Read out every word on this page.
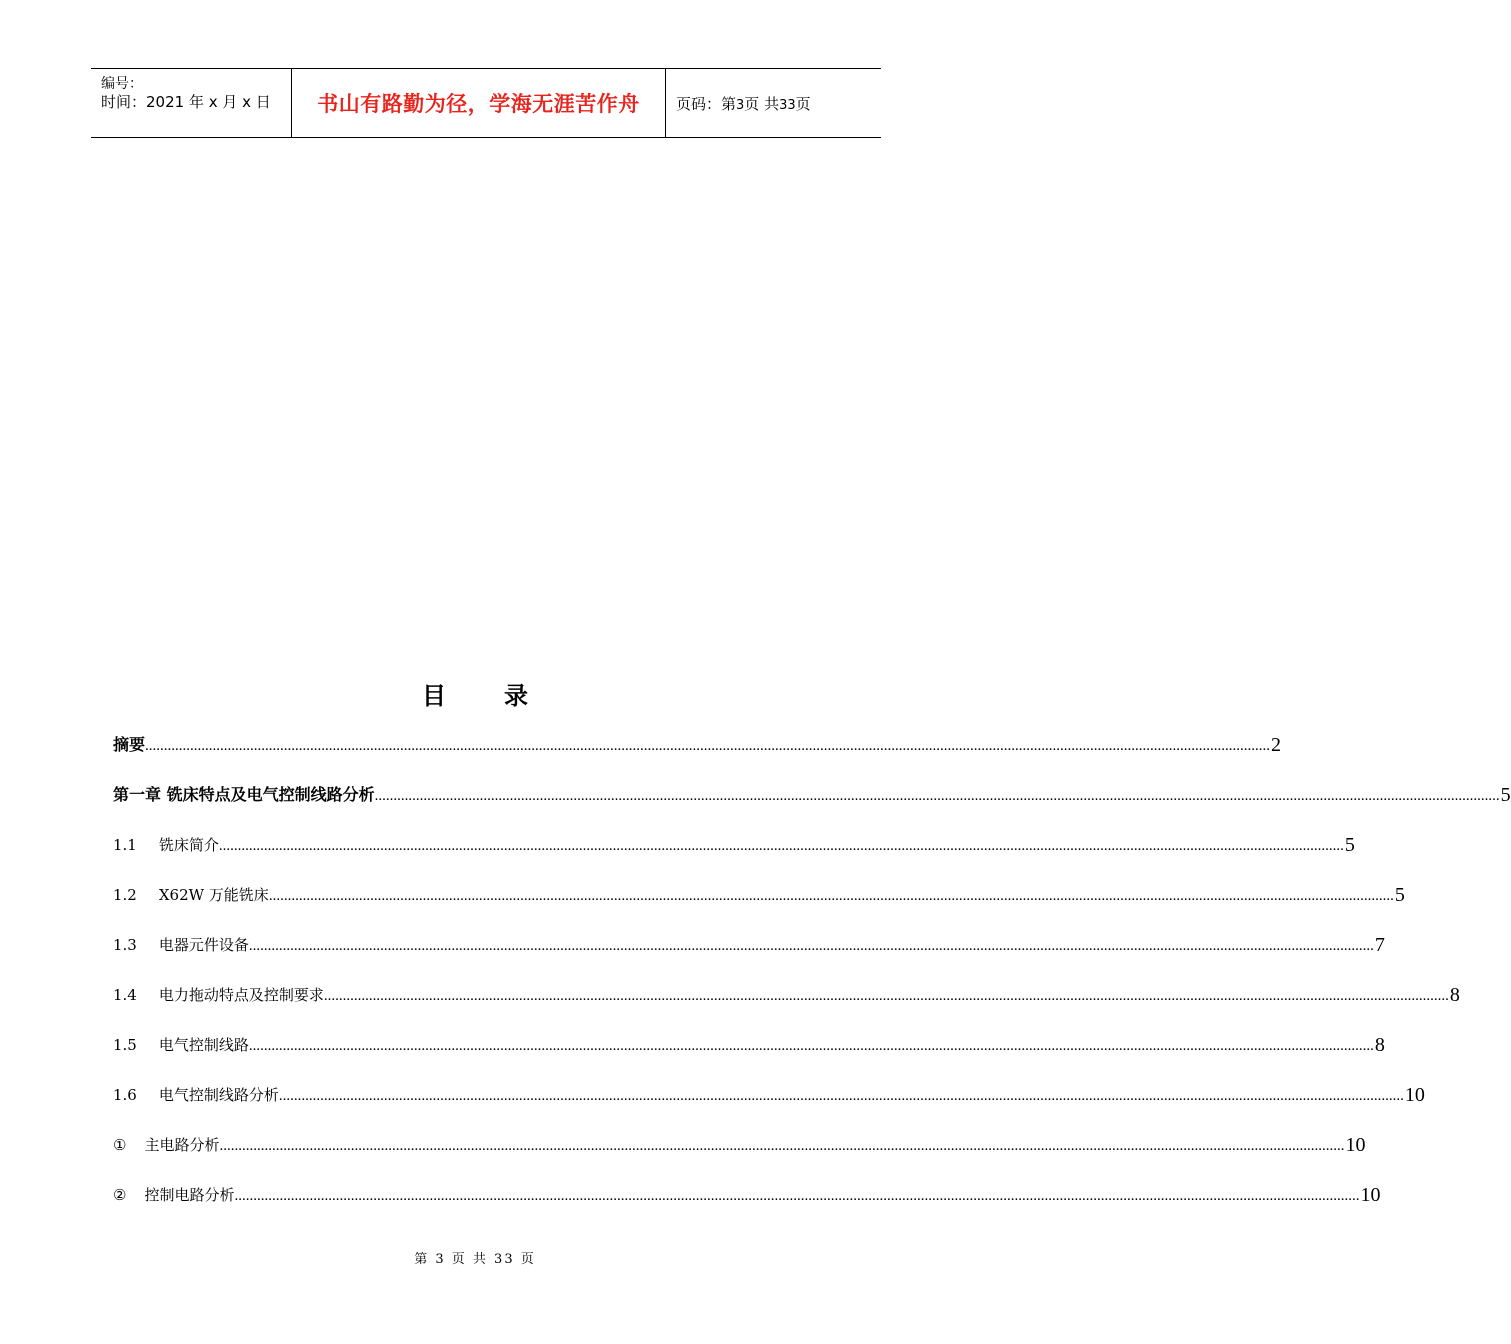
编号：
时间：2021 年 x 月 x 日 书山有路勤为径，学海无涯苦作舟 页码：第3页 共33页
目 录
摘要 ............................................................................................................................................................................................................................................................................................................ 2
第一章 铣床特点及电气控制线路分析 ............................................................................................................................................................................................................................................................................................................ 5
1.1 铣床简介 ............................................................................................................................................................................................................................................................................................................ 5
1.2 X62W 万能铣床 ............................................................................................................................................................................................................................................................................................................ 5
1.3 电器元件设备 ............................................................................................................................................................................................................................................................................................................ 7
1.4 电力拖动特点及控制要求 ............................................................................................................................................................................................................................................................................................................ 8
1.5 电气控制线路 ............................................................................................................................................................................................................................................................................................................ 8
1.6 电气控制线路分析 ............................................................................................................................................................................................................................................................................................................ 10
① 主电路分析 ............................................................................................................................................................................................................................................................................................................ 10
② 控制电路分析 ............................................................................................................................................................................................................................................................................................................ 10
第 3 页 共 33 页
